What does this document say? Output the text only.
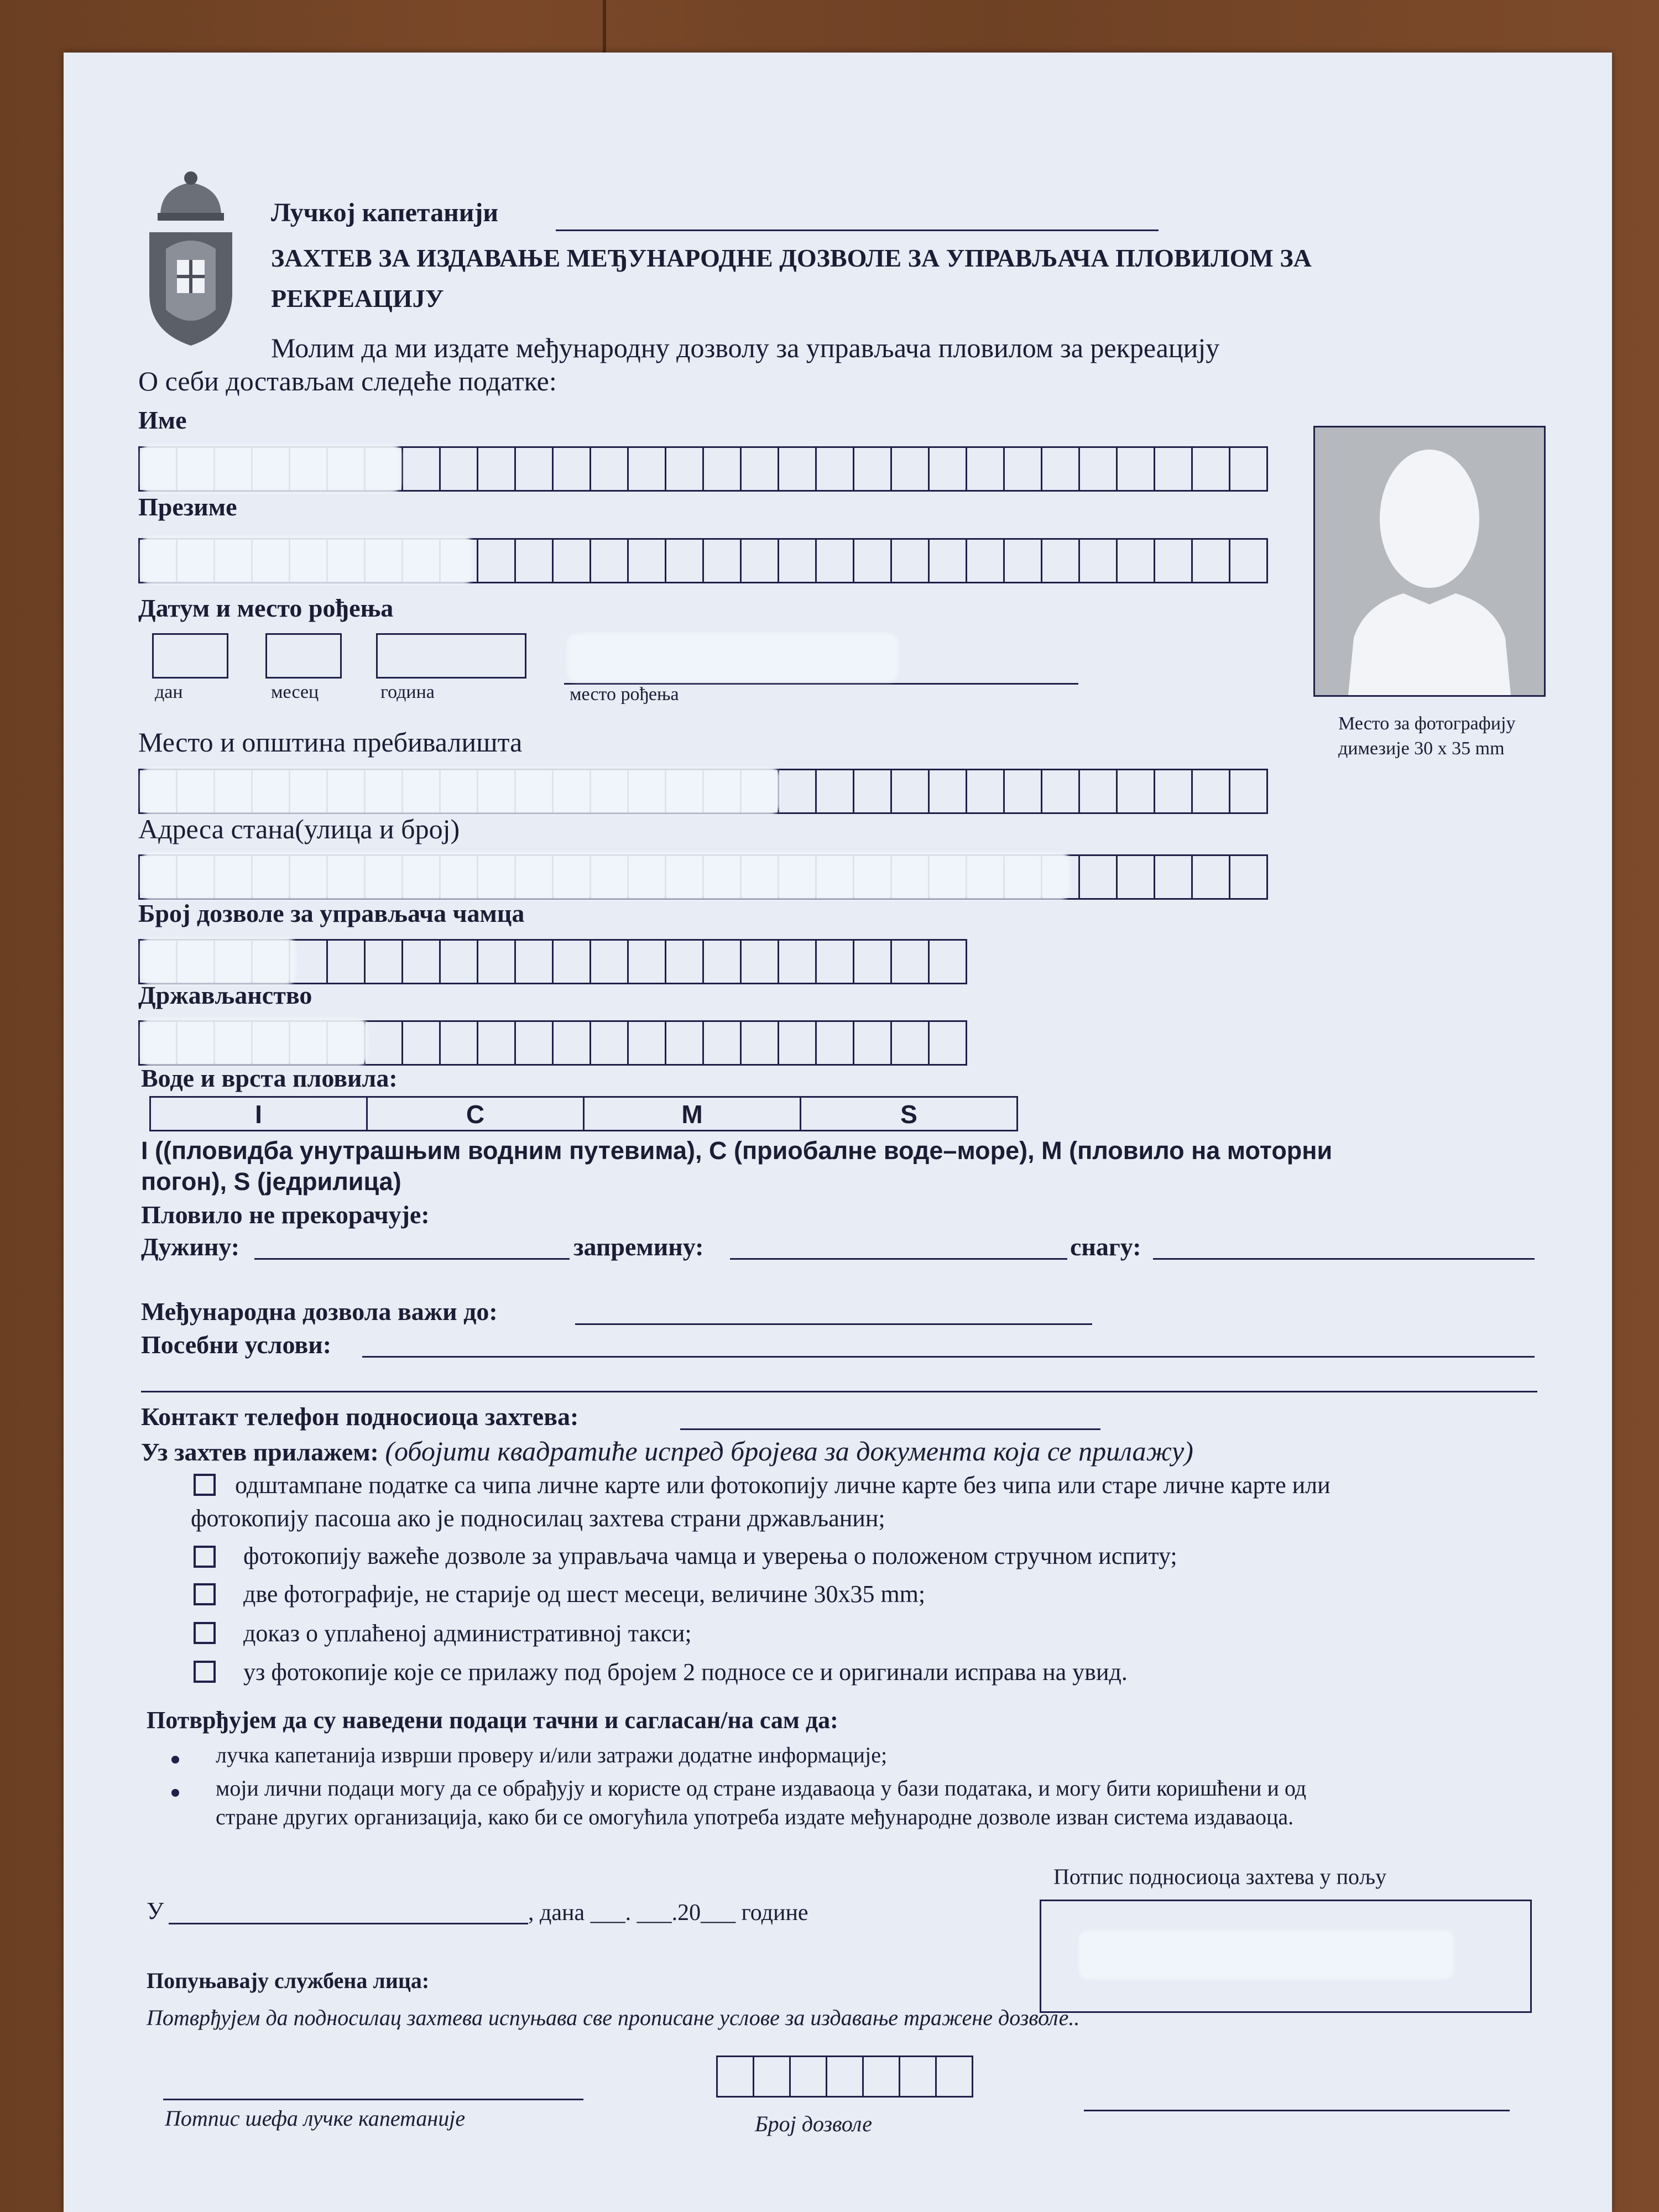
Лучкој капетанији
ЗАХТЕВ ЗА ИЗДАВАЊЕ МЕЂУНАРОДНЕ ДОЗВОЛЕ ЗА УПРАВЉАЧА ПЛОВИЛОМ ЗА
РЕКРЕАЦИЈУ
Молим да ми издате међународну дозволу за управљача пловилом за рекреацију
О себи достављам следеће податке:
Место за фотографију
димезије 30 x 35 mm
Име
Презиме
Датум и место рођења
дан	месец	година	место рођења
Место и општина пребивалишта
Адреса стана(улица и број)
Број дозволе за управљача чамца
Држављанство
Воде и врста пловила:
I	C	M	S
I ((пловидба унутрашњим водним путевима), C (приобалне воде–море), M (пловило на моторни
погон), S (једрилица)
Пловило не прекорачује:
Дужину:	запремину:	снагу:
Међународна дозвола важи до:
Посебни услови:
Контакт телефон подносиоца захтева:
Уз захтев прилажем: (обојити квадратиће испред бројева за документа која се прилажу)
одштампане податке са чипа личне карте или фотокопију личне карте без чипа или старе личне карте или
фотокопију пасоша ако је подносилац захтева страни држављанин;
фотокопију важеће дозволе за управљача чамца и уверења о положеном стручном испиту;
две фотографије, не старије од шест месеци, величине 30x35 mm;
доказ о уплаћеној административној такси;
уз фотокопије које се прилажу под бројем 2 подносе се и оригинали исправа на увид.
Потврђујем да су наведени подаци тачни и сагласан/на сам да:
лучка капетанија изврши проверу и/или затражи додатне информације;
моји лични подаци могу да се обрађују и користе од стране издаваоца у бази података, и могу бити коришћени и од
стране других организација, како би се омогућила употреба издате међународне дозволе изван система издаваоца.
Потпис подносиоца захтева у пољу
У	, дана ___. ___.20___ године
Попуњавају службена лица:
Потврђујем да подносилац захтева испуњава све прописане услове за издавање тражене дозволе..
Потпис шефа лучке капетаније	Број дозволе
